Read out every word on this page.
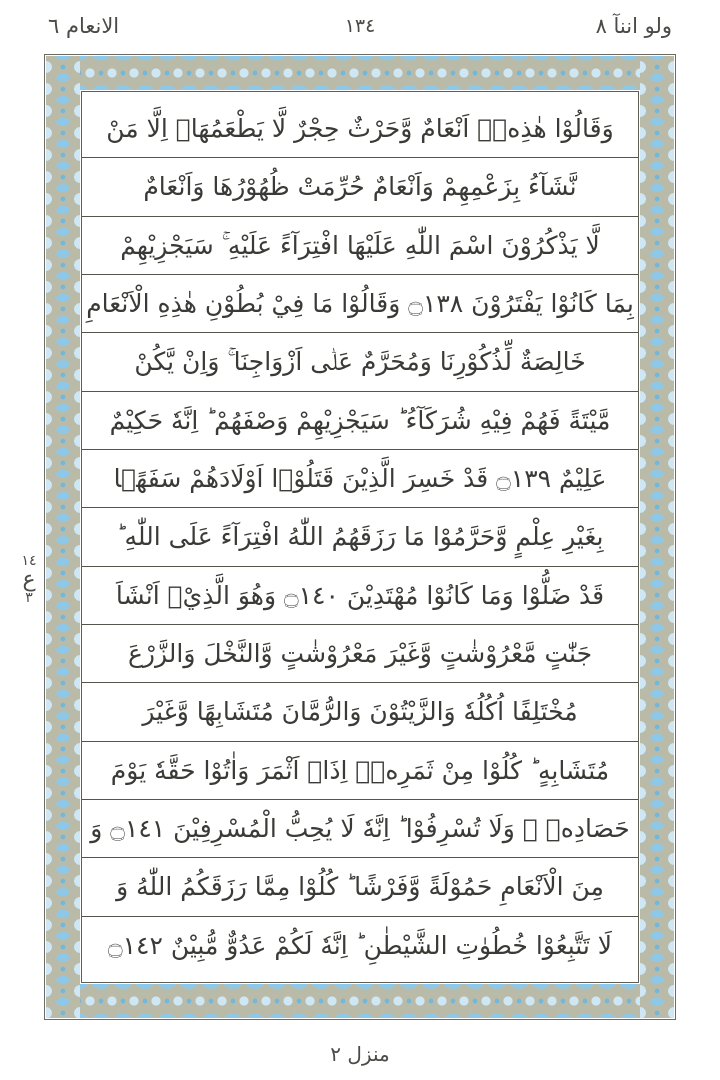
الانعام ٦	١٣٤	ولو اننآ ٨
١٤
ع
٣
وَقَالُوْا هٰذِهٖۤ اَنْعَامٌ وَّحَرْثٌ حِجْرٌ لَّا يَطْعَمُهَاۤ اِلَّا مَنْ
نَّشَآءُ بِزَعْمِهِمْ وَاَنْعَامٌ حُرِّمَتْ ظُهُوْرُهَا وَاَنْعَامٌ
لَّا يَذْكُرُوْنَ اسْمَ اللّٰهِ عَلَيْهَا افْتِرَآءً عَلَيْهِ ۚ سَيَجْزِيْهِمْ
بِمَا كَانُوْا يَفْتَرُوْنَ ۝١٣٨ وَقَالُوْا مَا فِيْ بُطُوْنِ هٰذِهِ الْاَنْعَامِ
خَالِصَةٌ لِّذُكُوْرِنَا وَمُحَرَّمٌ عَلٰۤى اَزْوَاجِنَا ۚ وَاِنْ يَّكُنْ
مَّيْتَةً فَهُمْ فِيْهِ شُرَكَآءُ ؕ سَيَجْزِيْهِمْ وَصْفَهُمْ ؕ اِنَّهٗ حَكِيْمٌ
عَلِيْمٌ ۝١٣٩ قَدْ خَسِرَ الَّذِيْنَ قَتَلُوْۤا اَوْلَادَهُمْ سَفَهًۢا
بِغَيْرِ عِلْمٍ وَّحَرَّمُوْا مَا رَزَقَهُمُ اللّٰهُ افْتِرَآءً عَلَى اللّٰهِ ؕ
قَدْ ضَلُّوْا وَمَا كَانُوْا مُهْتَدِيْنَ ۝١٤٠ وَهُوَ الَّذِيْۤ اَنْشَاَ
جَنّٰتٍ مَّعْرُوْشٰتٍ وَّغَيْرَ مَعْرُوْشٰتٍ وَّالنَّخْلَ وَالزَّرْعَ
مُخْتَلِفًا اُكُلُهٗ وَالزَّيْتُوْنَ وَالرُّمَّانَ مُتَشَابِهًا وَّغَيْرَ
مُتَشَابِهٍ ؕ كُلُوْا مِنْ ثَمَرِهٖۤ اِذَاۤ اَثْمَرَ وَاٰتُوْا حَقَّهٗ يَوْمَ
حَصَادِهٖ ۖ وَلَا تُسْرِفُوْا ؕ اِنَّهٗ لَا يُحِبُّ الْمُسْرِفِيْنَ ۝١٤١ وَ
مِنَ الْاَنْعَامِ حَمُوْلَةً وَّفَرْشًا ؕ كُلُوْا مِمَّا رَزَقَكُمُ اللّٰهُ وَ
لَا تَتَّبِعُوْا خُطُوٰتِ الشَّيْطٰنِ ؕ اِنَّهٗ لَكُمْ عَدُوٌّ مُّبِيْنٌ ۝١٤٢
منزل ٢
